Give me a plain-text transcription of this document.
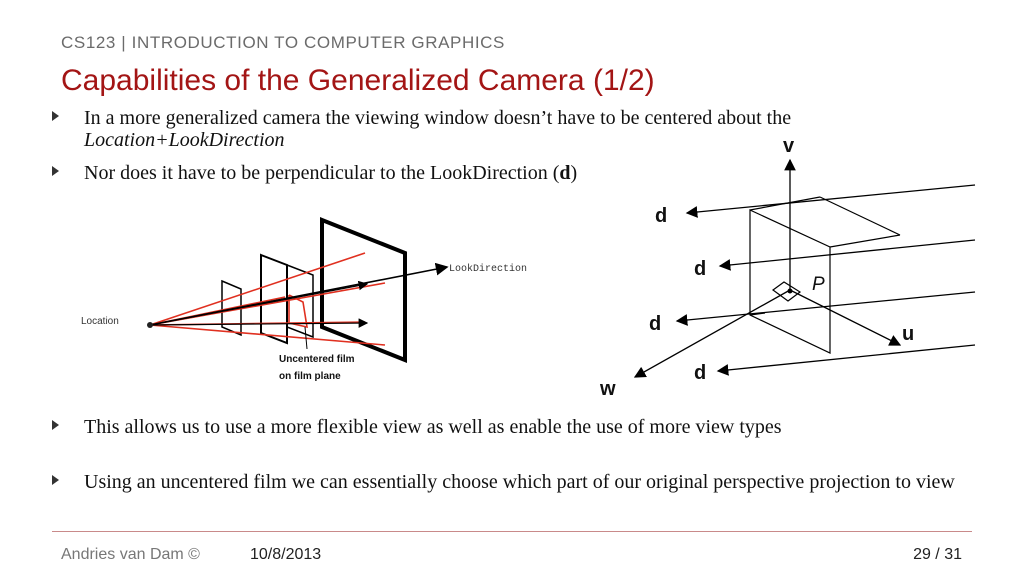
CS123 | INTRODUCTION TO COMPUTER GRAPHICS
Capabilities of the Generalized Camera (1/2)
In a more generalized camera the viewing window doesn’t have to be centered about the Location+LookDirection
Nor does it have to be perpendicular to the LookDirection (d)
This allows us to use a more flexible view as well as enable the use of more view types
Using an uncentered film we can essentially choose which part of our original perspective projection to view
Location
LookDirection
Uncentered film
on film plane
P
v
u
w
d
d
d
d
Andries van Dam ©	10/8/2013	29 / 31
